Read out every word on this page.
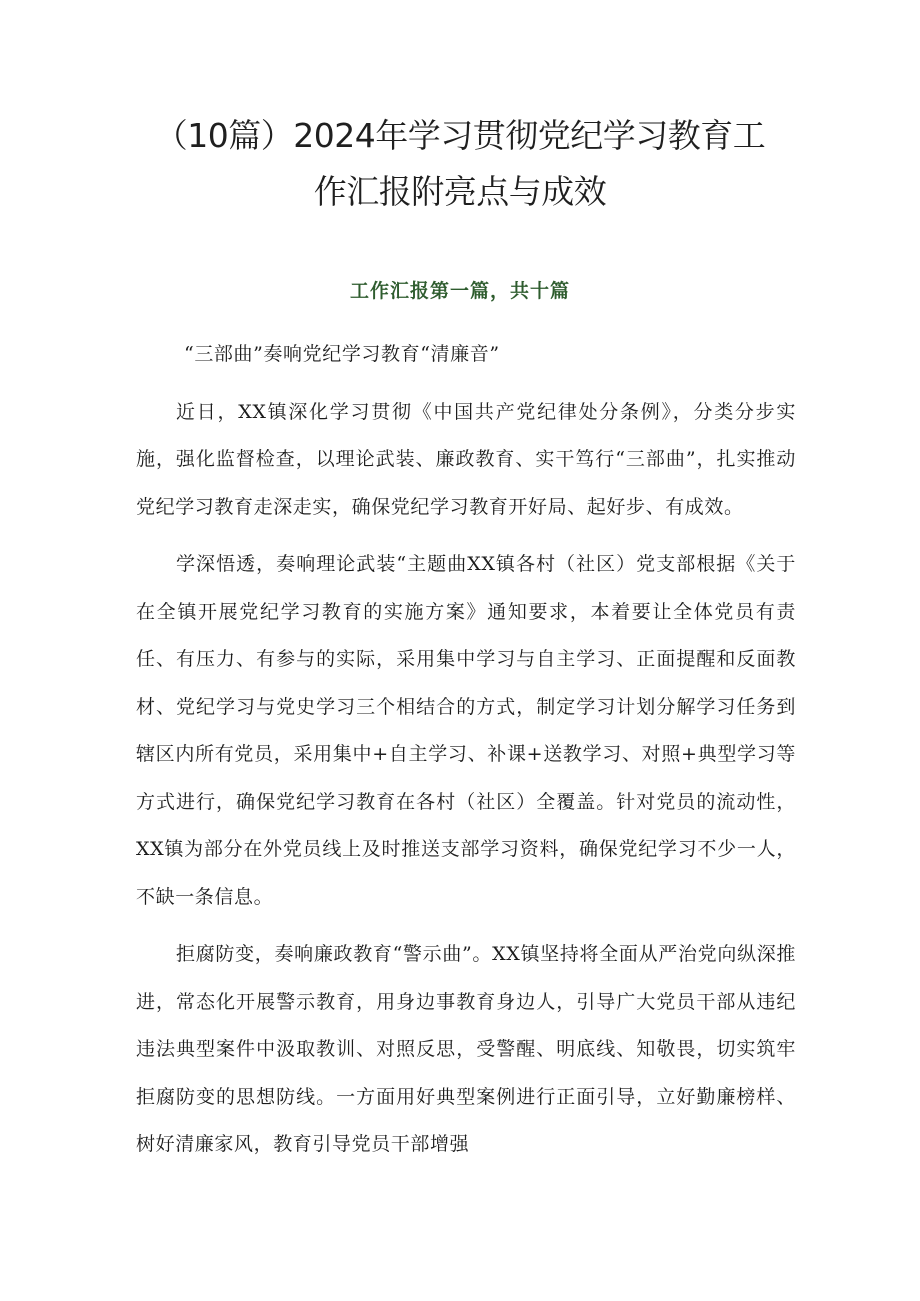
（10篇）2024年学习贯彻党纪学习教育工
作汇报附亮点与成效
工作汇报第一篇，共十篇

“三部曲”奏响党纪学习教育“清廉音”

近日，XX镇深化学习贯彻《中国共产党纪律处分条例》，分类分步实施，强化监督检查，以理论武装、廉政教育、实干笃行“三部曲”，扎实推动党纪学习教育走深走实，确保党纪学习教育开好局、起好步、有成效。

学深悟透，奏响理论武装“主题曲XX镇各村（社区）党支部根据《关于在全镇开展党纪学习教育的实施方案》通知要求，本着要让全体党员有责任、有压力、有参与的实际，采用集中学习与自主学习、正面提醒和反面教材、党纪学习与党史学习三个相结合的方式，制定学习计划分解学习任务到辖区内所有党员，采用集中+自主学习、补课+送教学习、对照+典型学习等方式进行，确保党纪学习教育在各村（社区）全覆盖。针对党员的流动性，XX镇为部分在外党员线上及时推送支部学习资料，确保党纪学习不少一人，不缺一条信息。

拒腐防变，奏响廉政教育“警示曲”。XX镇坚持将全面从严治党向纵深推进，常态化开展警示教育，用身边事教育身边人，引导广大党员干部从违纪违法典型案件中汲取教训、对照反思，受警醒、明底线、知敬畏，切实筑牢拒腐防变的思想防线。一方面用好典型案例进行正面引导，立好勤廉榜样、树好清廉家风，教育引导党员干部增强
